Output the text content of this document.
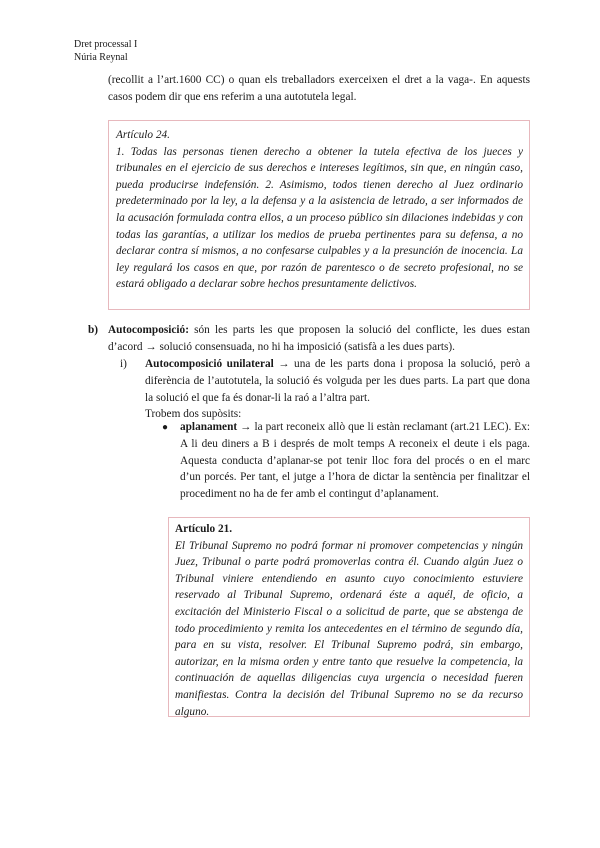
Dret processal I
Núria Reynal
(recollit a l’art.1600 CC) o quan els treballadors exerceixen el dret a la vaga-. En aquests casos podem dir que ens referim a una autotutela legal.
Artículo 24.
1. Todas las personas tienen derecho a obtener la tutela efectiva de los jueces y tribunales en el ejercicio de sus derechos e intereses legítimos, sin que, en ningún caso, pueda producirse indefensión. 2. Asimismo, todos tienen derecho al Juez ordinario predeterminado por la ley, a la defensa y a la asistencia de letrado, a ser informados de la acusación formulada contra ellos, a un proceso público sin dilaciones indebidas y con todas las garantías, a utilizar los medios de prueba pertinentes para su defensa, a no declarar contra sí mismos, a no confesarse culpables y a la presunción de inocencia. La ley regulará los casos en que, por razón de parentesco o de secreto profesional, no se estará obligado a declarar sobre hechos presuntamente delictivos.
b) Autocomposició: són les parts les que proposen la solució del conflicte, les dues estan d’acord → solució consensuada, no hi ha imposició (satisfà a les dues parts).
i) Autocomposició unilateral → una de les parts dona i proposa la solució, però a diferència de l’autotutela, la solució és volguda per les dues parts. La part que dona la solució el que fa és donar-li la raó a l’altra part.
Trobem dos supòsits:
● aplanament → la part reconeix allò que li estàn reclamant (art.21 LEC). Ex: A li deu diners a B i després de molt temps A reconeix el deute i els paga. Aquesta conducta d’aplanar-se pot tenir lloc fora del procés o en el marc d’un porcés. Per tant, el jutge a l’hora de dictar la sentència per finalitzar el procediment no ha de fer amb el contingut d’aplanament.
Artículo 21.
El Tribunal Supremo no podrá formar ni promover competencias y ningún Juez, Tribunal o parte podrá promoverlas contra él. Cuando algún Juez o Tribunal viniere entendiendo en asunto cuyo conocimiento estuviere reservado al Tribunal Supremo, ordenará éste a aquél, de oficio, a excitación del Ministerio Fiscal o a solicitud de parte, que se abstenga de todo procedimiento y remita los antecedentes en el término de segundo día, para en su vista, resolver. El Tribunal Supremo podrá, sin embargo, autorizar, en la misma orden y entre tanto que resuelve la competencia, la continuación de aquellas diligencias cuya urgencia o necesidad fueren manifiestas. Contra la decisión del Tribunal Supremo no se da recurso alguno.
